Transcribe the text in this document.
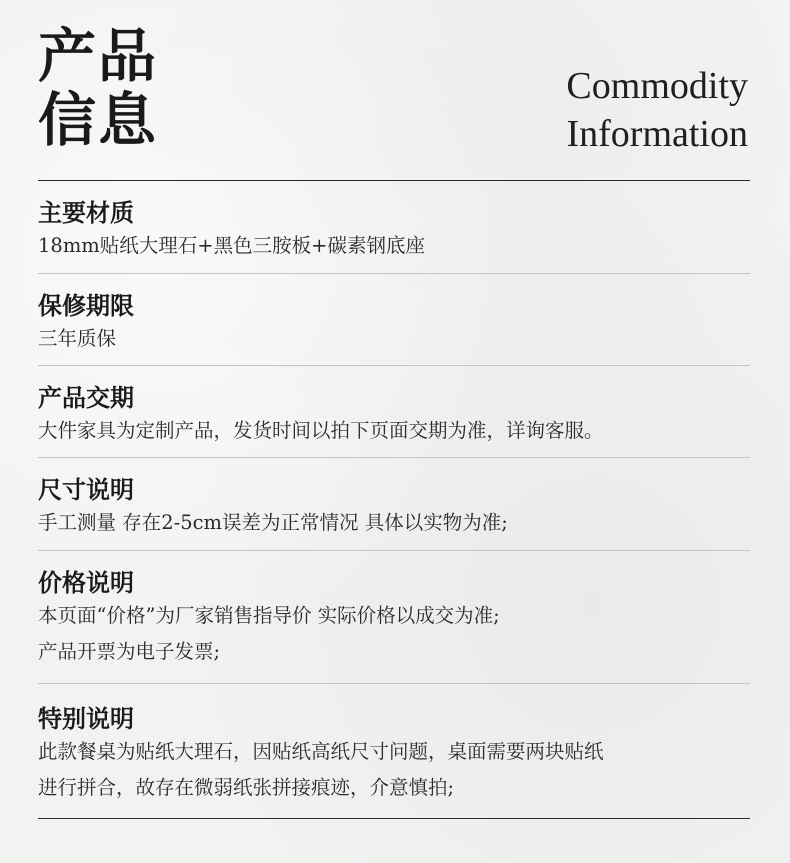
产品
信息	Commodity
Information
主要材质
18mm贴纸大理石+黑色三胺板+碳素钢底座
保修期限
三年质保
产品交期
大件家具为定制产品，发货时间以拍下页面交期为准，详询客服。
尺寸说明
手工测量 存在2-5cm误差为正常情况 具体以实物为准;
价格说明
本页面“价格”为厂家销售指导价 实际价格以成交为准;
产品开票为电子发票;
特别说明
此款餐桌为贴纸大理石，因贴纸高纸尺寸问题，桌面需要两块贴纸
进行拼合，故存在微弱纸张拼接痕迹，介意慎拍;
